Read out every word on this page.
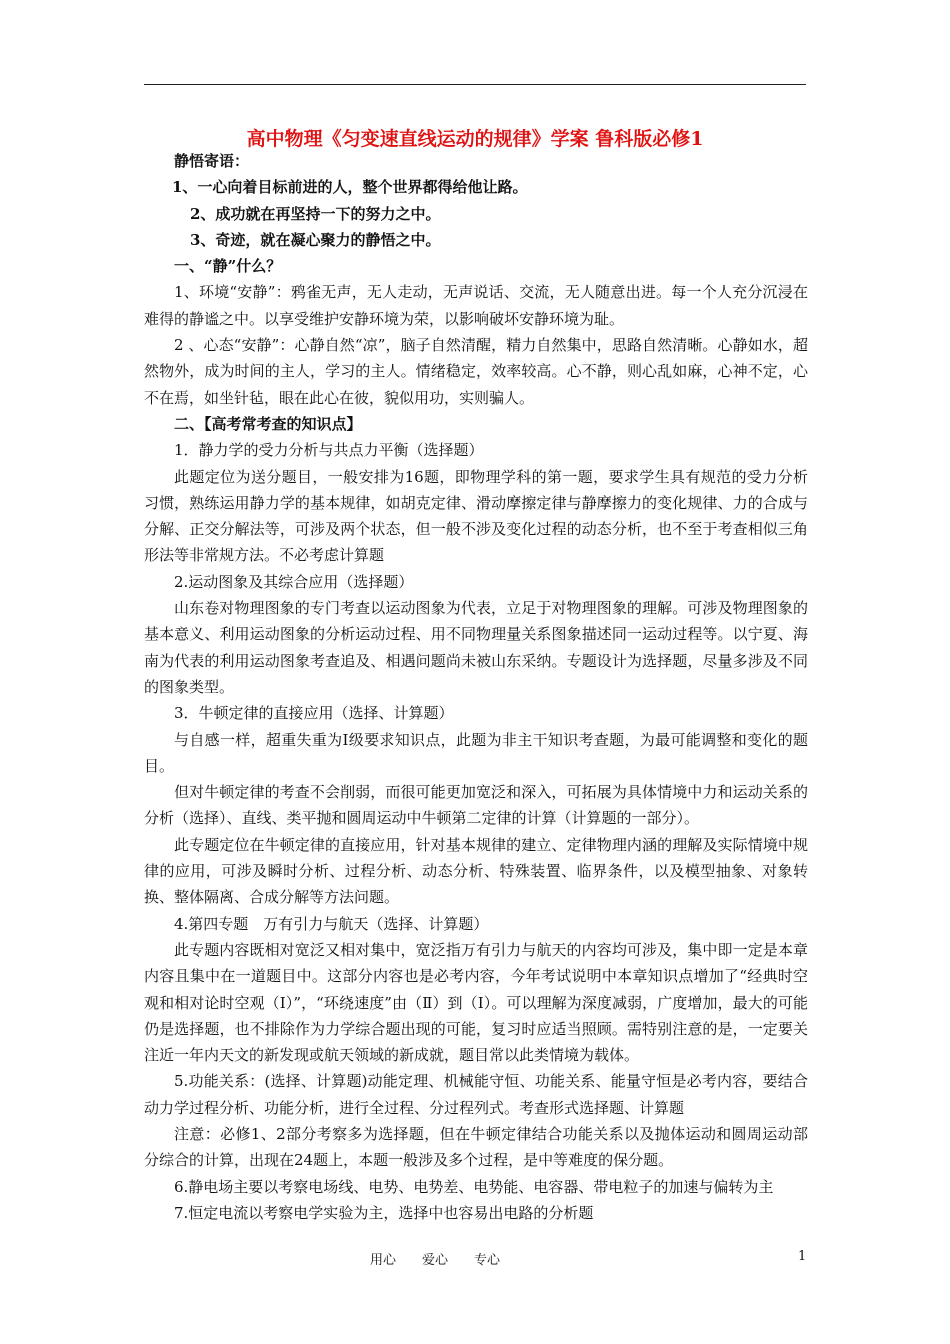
高中物理《匀变速直线运动的规律》学案 鲁科版必修1

静悟寄语：

1、一心向着目标前进的人，整个世界都得给他让路。

2、成功就在再坚持一下的努力之中。

3、奇迹，就在凝心聚力的静悟之中。

一、“静”什么？

1、环境“安静”：鸦雀无声，无人走动，无声说话、交流，无人随意出进。每一个人充分沉浸在难得的静谧之中。以享受维护安静环境为荣，以影响破坏安静环境为耻。

2 、心态“安静”：心静自然“凉”，脑子自然清醒，精力自然集中，思路自然清晰。心静如水，超然物外，成为时间的主人，学习的主人。情绪稳定，效率较高。心不静，则心乱如麻，心神不定，心不在焉，如坐针毡，眼在此心在彼，貌似用功，实则骗人。

二、【高考常考查的知识点】

1．静力学的受力分析与共点力平衡（选择题）

此题定位为送分题目，一般安排为16题，即物理学科的第一题，要求学生具有规范的受力分析习惯，熟练运用静力学的基本规律，如胡克定律、滑动摩擦定律与静摩擦力的变化规律、力的合成与分解、正交分解法等，可涉及两个状态，但一般不涉及变化过程的动态分析，也不至于考查相似三角形法等非常规方法。不必考虑计算题

2.运动图象及其综合应用（选择题）

山东卷对物理图象的专门考查以运动图象为代表，立足于对物理图象的理解。可涉及物理图象的基本意义、利用运动图象的分析运动过程、用不同物理量关系图象描述同一运动过程等。以宁夏、海南为代表的利用运动图象考查追及、相遇问题尚未被山东采纳。专题设计为选择题，尽量多涉及不同的图象类型。

3．牛顿定律的直接应用（选择、计算题）

与自感一样，超重失重为Ⅰ级要求知识点，此题为非主干知识考查题，为最可能调整和变化的题目。

但对牛顿定律的考查不会削弱，而很可能更加宽泛和深入，可拓展为具体情境中力和运动关系的分析（选择）、直线、类平抛和圆周运动中牛顿第二定律的计算（计算题的一部分）。

此专题定位在牛顿定律的直接应用，针对基本规律的建立、定律物理内涵的理解及实际情境中规律的应用，可涉及瞬时分析、过程分析、动态分析、特殊装置、临界条件，以及模型抽象、对象转换、整体隔离、合成分解等方法问题。

4.第四专题　万有引力与航天（选择、计算题）

此专题内容既相对宽泛又相对集中，宽泛指万有引力与航天的内容均可涉及，集中即一定是本章内容且集中在一道题目中。这部分内容也是必考内容，今年考试说明中本章知识点增加了“经典时空观和相对论时空观（Ⅰ）”，“环绕速度”由（Ⅱ）到（Ⅰ）。可以理解为深度减弱，广度增加，最大的可能仍是选择题，也不排除作为力学综合题出现的可能，复习时应适当照顾。需特别注意的是，一定要关注近一年内天文的新发现或航天领域的新成就，题目常以此类情境为载体。

5.功能关系：(选择、计算题)动能定理、机械能守恒、功能关系、能量守恒是必考内容，要结合动力学过程分析、功能分析，进行全过程、分过程列式。考查形式选择题、计算题

注意：必修1、2部分考察多为选择题，但在牛顿定律结合功能关系以及抛体运动和圆周运动部分综合的计算，出现在24题上，本题一般涉及多个过程，是中等难度的保分题。

6.静电场主要以考察电场线、电势、电势差、电势能、电容器、带电粒子的加速与偏转为主

7.恒定电流以考察电学实验为主，选择中也容易出电路的分析题

用心　　爱心　　专心	1
